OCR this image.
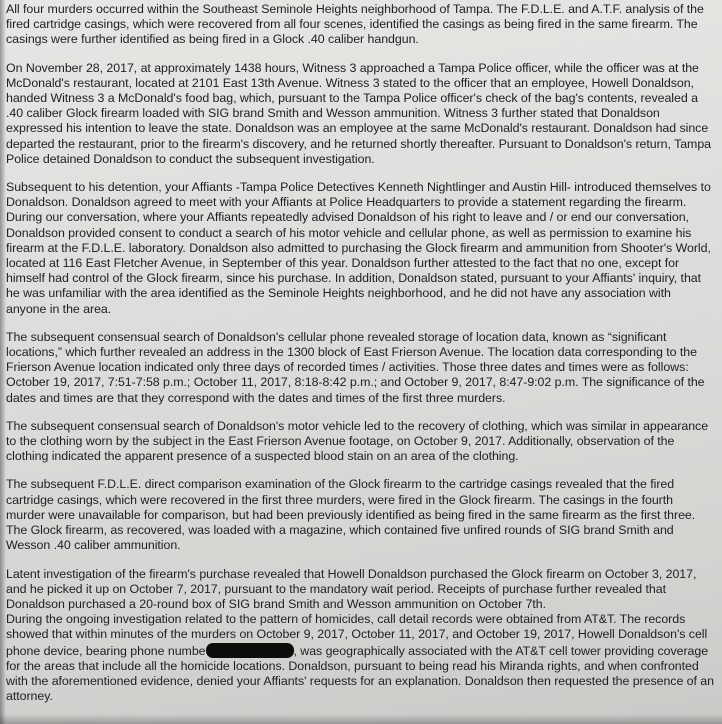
All four murders occurred within the Southeast Seminole Heights neighborhood of Tampa. The F.D.L.E. and A.T.F. analysis of the fired cartridge casings, which were recovered from all four scenes, identified the casings as being fired in the same firearm. The casings were further identified as being fired in a Glock .40 caliber handgun.

On November 28, 2017, at approximately 1438 hours, Witness 3 approached a Tampa Police officer, while the officer was at the McDonald's restaurant, located at 2101 East 13th Avenue. Witness 3 stated to the officer that an employee, Howell Donaldson, handed Witness 3 a McDonald's food bag, which, pursuant to the Tampa Police officer's check of the bag's contents, revealed a .40 caliber Glock firearm loaded with SIG brand Smith and Wesson ammunition. Witness 3 further stated that Donaldson expressed his intention to leave the state. Donaldson was an employee at the same McDonald's restaurant. Donaldson had since departed the restaurant, prior to the firearm's discovery, and he returned shortly thereafter. Pursuant to Donaldson's return, Tampa Police detained Donaldson to conduct the subsequent investigation.

Subsequent to his detention, your Affiants -Tampa Police Detectives Kenneth Nightlinger and Austin Hill- introduced themselves to Donaldson. Donaldson agreed to meet with your Affiants at Police Headquarters to provide a statement regarding the firearm. During our conversation, where your Affiants repeatedly advised Donaldson of his right to leave and / or end our conversation, Donaldson provided consent to conduct a search of his motor vehicle and cellular phone, as well as permission to examine his firearm at the F.D.L.E. laboratory. Donaldson also admitted to purchasing the Glock firearm and ammunition from Shooter's World, located at 116 East Fletcher Avenue, in September of this year. Donaldson further attested to the fact that no one, except for himself had control of the Glock firearm, since his purchase. In addition, Donaldson stated, pursuant to your Affiants' inquiry, that he was unfamiliar with the area identified as the Seminole Heights neighborhood, and he did not have any association with anyone in the area.

The subsequent consensual search of Donaldson's cellular phone revealed storage of location data, known as “significant locations,” which further revealed an address in the 1300 block of East Frierson Avenue. The location data corresponding to the Frierson Avenue location indicated only three days of recorded times / activities. Those three dates and times were as follows: October 19, 2017, 7:51-7:58 p.m.; October 11, 2017, 8:18-8:42 p.m.; and October 9, 2017, 8:47-9:02 p.m. The significance of the dates and times are that they correspond with the dates and times of the first three murders.

The subsequent consensual search of Donaldson's motor vehicle led to the recovery of clothing, which was similar in appearance to the clothing worn by the subject in the East Frierson Avenue footage, on October 9, 2017. Additionally, observation of the clothing indicated the apparent presence of a suspected blood stain on an area of the clothing.

The subsequent F.D.L.E. direct comparison examination of the Glock firearm to the cartridge casings revealed that the fired cartridge casings, which were recovered in the first three murders, were fired in the Glock firearm. The casings in the fourth murder were unavailable for comparison, but had been previously identified as being fired in the same firearm as the first three. The Glock firearm, as recovered, was loaded with a magazine, which contained five unfired rounds of SIG brand Smith and Wesson .40 caliber ammunition.

Latent investigation of the firearm's purchase revealed that Howell Donaldson purchased the Glock firearm on October 3, 2017, and he picked it up on October 7, 2017, pursuant to the mandatory wait period. Receipts of purchase further revealed that Donaldson purchased a 20-round box of SIG brand Smith and Wesson ammunition on October 7th.

During the ongoing investigation related to the pattern of homicides, call detail records were obtained from AT&T. The records showed that within minutes of the murders on October 9, 2017, October 11, 2017, and October 19, 2017, Howell Donaldson's cell phone device, bearing phone numbe	, was geographically associated with the AT&T cell tower providing coverage for the areas that include all the homicide locations. Donaldson, pursuant to being read his Miranda rights, and when confronted with the aforementioned evidence, denied your Affiants' requests for an explanation. Donaldson then requested the presence of an attorney.
